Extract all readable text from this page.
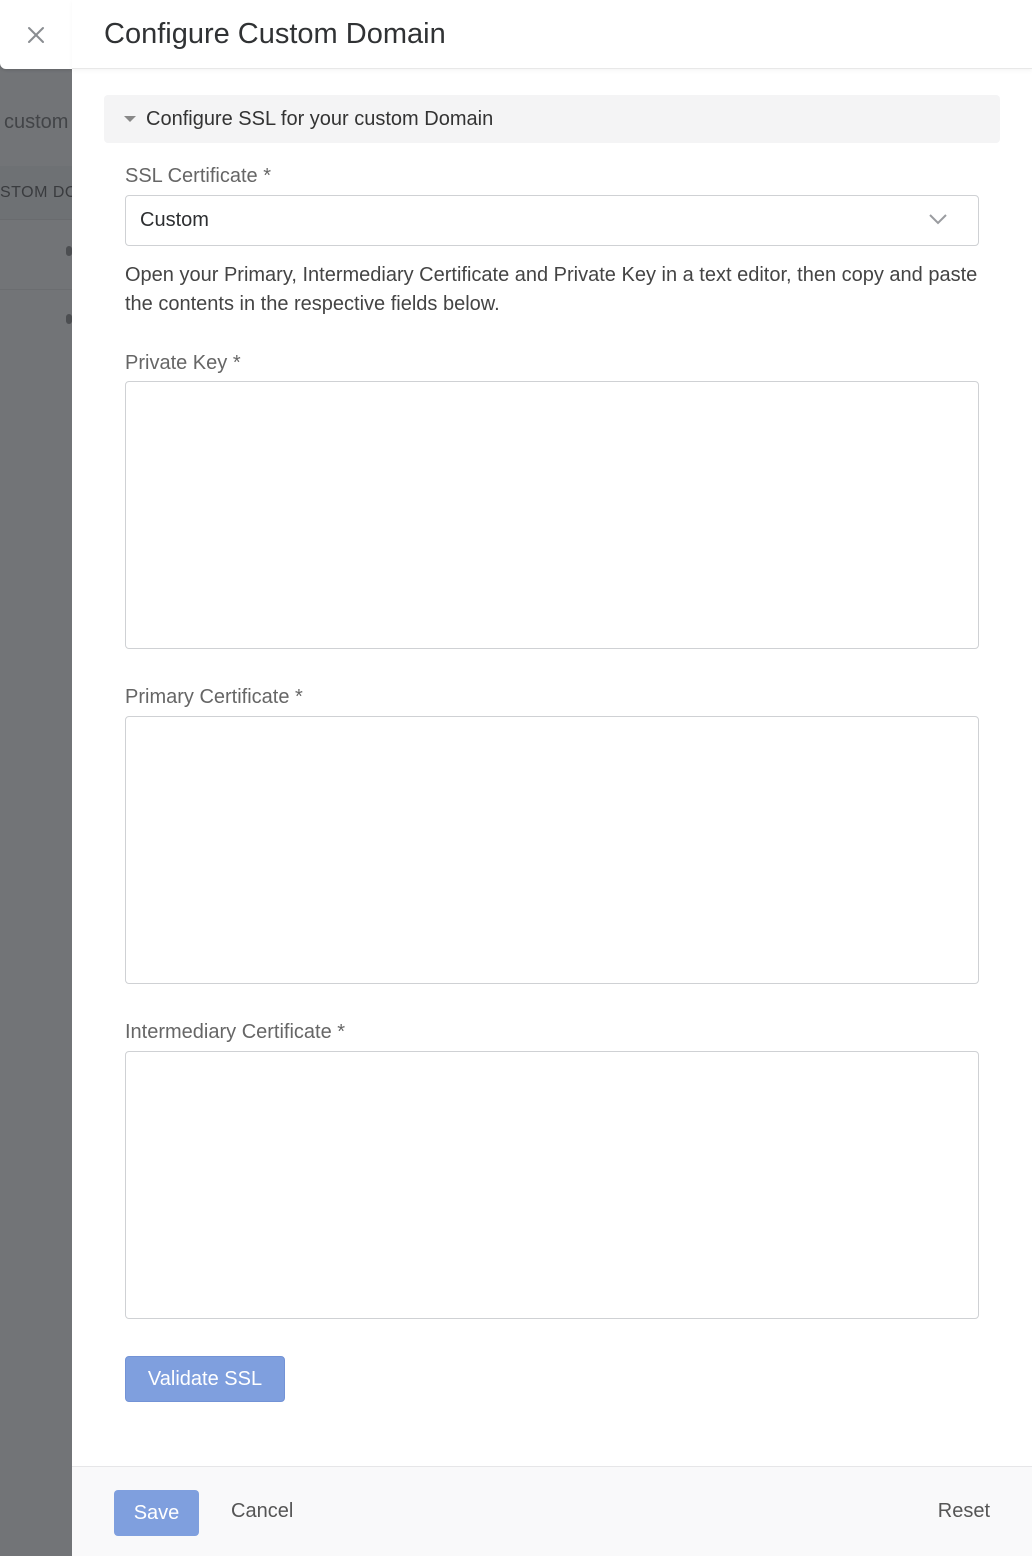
Configure Custom Domain
Configure SSL for your custom Domain
SSL Certificate *
Custom

Open your Primary, Intermediary Certificate and Private Key in a text editor, then copy and paste the contents in the respective fields below.

Private Key *
Primary Certificate *
Intermediary Certificate *
Validate SSL
Save	Cancel	Reset
